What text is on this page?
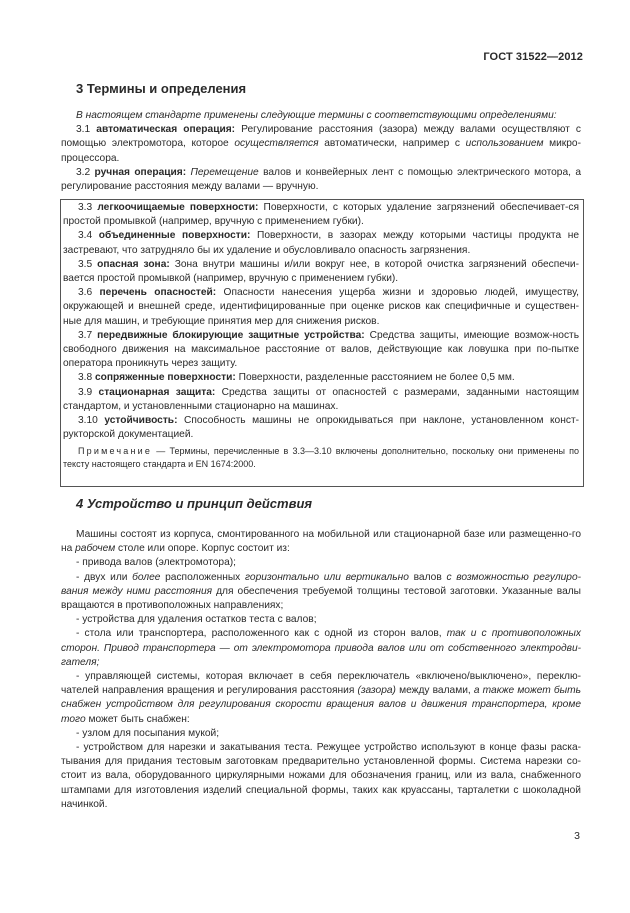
ГОСТ 31522—2012
3 Термины и определения

В настоящем стандарте применены следующие термины с соответствующими определениями:

3.1 автоматическая операция: Регулирование расстояния (зазора) между валами осуществляют с помощью электромотора, которое осуществляется автоматически, например с использованием микро-процессора.

3.2 ручная операция: Перемещение валов и конвейерных лент с помощью электрического мотора, а регулирование расстояния между валами — вручную.

3.3 легкоочищаемые поверхности: Поверхности, с которых удаление загрязнений обеспечивает-ся простой промывкой (например, вручную с применением губки).

3.4 объединенные поверхности: Поверхности, в зазорах между которыми частицы продукта не застревают, что затрудняло бы их удаление и обусловливало опасность загрязнения.

3.5 опасная зона: Зона внутри машины и/или вокруг нее, в которой очистка загрязнений обеспечи-вается простой промывкой (например, вручную с применением губки).

3.6 перечень опасностей: Опасности нанесения ущерба жизни и здоровью людей, имуществу, окружающей и внешней среде, идентифицированные при оценке рисков как специфичные и существен-ные для машин, и требующие принятия мер для снижения рисков.

3.7 передвижные блокирующие защитные устройства: Средства защиты, имеющие возмож-ность свободного движения на максимальное расстояние от валов, действующие как ловушка при по-пытке оператора проникнуть через защиту.

3.8 сопряженные поверхности: Поверхности, разделенные расстоянием не более 0,5 мм.

3.9 стационарная защита: Средства защиты от опасностей с размерами, заданными настоящим стандартом, и установленными стационарно на машинах.

3.10 устойчивость: Способность машины не опрокидываться при наклоне, установленном конст-рукторской документацией.

Примечание — Термины, перечисленные в 3.3—3.10 включены дополнительно, поскольку они применены по тексту настоящего стандарта и EN 1674:2000.

4 Устройство и принцип действия

Машины состоят из корпуса, смонтированного на мобильной или стационарной базе или размещенно-го на рабочем столе или опоре. Корпус состоит из:

- привода валов (электромотора);

- двух или более расположенных горизонтально или вертикально валов с возможностью регулиро-вания между ними расстояния для обеспечения требуемой толщины тестовой заготовки. Указанные валы вращаются в противоположных направлениях;

- устройства для удаления остатков теста с валов;

- стола или транспортера, расположенного как с одной из сторон валов, так и с противоположных сторон. Привод транспортера — от электромотора привода валов или от собственного электродви-гателя;

- управляющей системы, которая включает в себя переключатель «включено/выключено», переклю-чателей направления вращения и регулирования расстояния (зазора) между валами, а также может быть снабжен устройством для регулирования скорости вращения валов и движения транспортера, кроме того может быть снабжен:

- узлом для посыпания мукой;

- устройством для нарезки и закатывания теста. Режущее устройство используют в конце фазы раска-тывания для придания тестовым заготовкам предварительно установленной формы. Система нарезки со-стоит из вала, оборудованного циркулярными ножами для обозначения границ, или из вала, снабженного штампами для изготовления изделий специальной формы, таких как круассаны, тарталетки с шоколадной начинкой.

3
